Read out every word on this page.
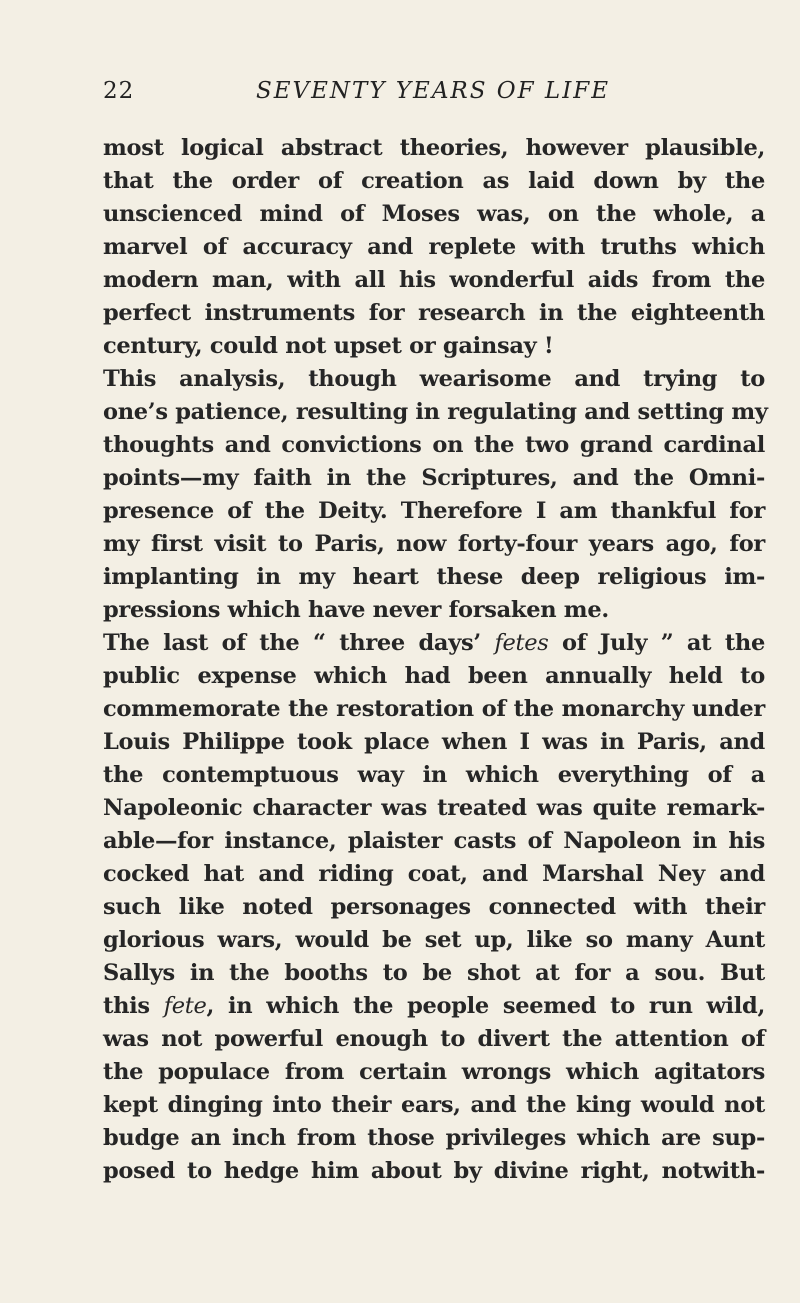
22	SEVENTY YEARS OF LIFE
most logical abstract theories, however plausible,
that the order of creation as laid down by the
unscienced mind of Moses was, on the whole, a
marvel of accuracy and replete with truths which
modern man, with all his wonderful aids from the
perfect instruments for research in the eighteenth
century, could not upset or gainsay !
This analysis, though wearisome and trying to
one’s patience, resulting in regulating and setting my
thoughts and convictions on the two grand cardinal
points—my faith in the Scriptures, and the Omni-
presence of the Deity. Therefore I am thankful for
my first visit to Paris, now forty-four years ago, for
implanting in my heart these deep religious im-
pressions which have never forsaken me.
The last of the “ three days’ fetes of July ” at the
public expense which had been annually held to
commemorate the restoration of the monarchy under
Louis Philippe took place when I was in Paris, and
the contemptuous way in which everything of a
Napoleonic character was treated was quite remark-
able—for instance, plaister casts of Napoleon in his
cocked hat and riding coat, and Marshal Ney and
such like noted personages connected with their
glorious wars, would be set up, like so many Aunt
Sallys in the booths to be shot at for a sou. But
this fete, in which the people seemed to run wild,
was not powerful enough to divert the attention of
the populace from certain wrongs which agitators
kept dinging into their ears, and the king would not
budge an inch from those privileges which are sup-
posed to hedge him about by divine right, notwith-
